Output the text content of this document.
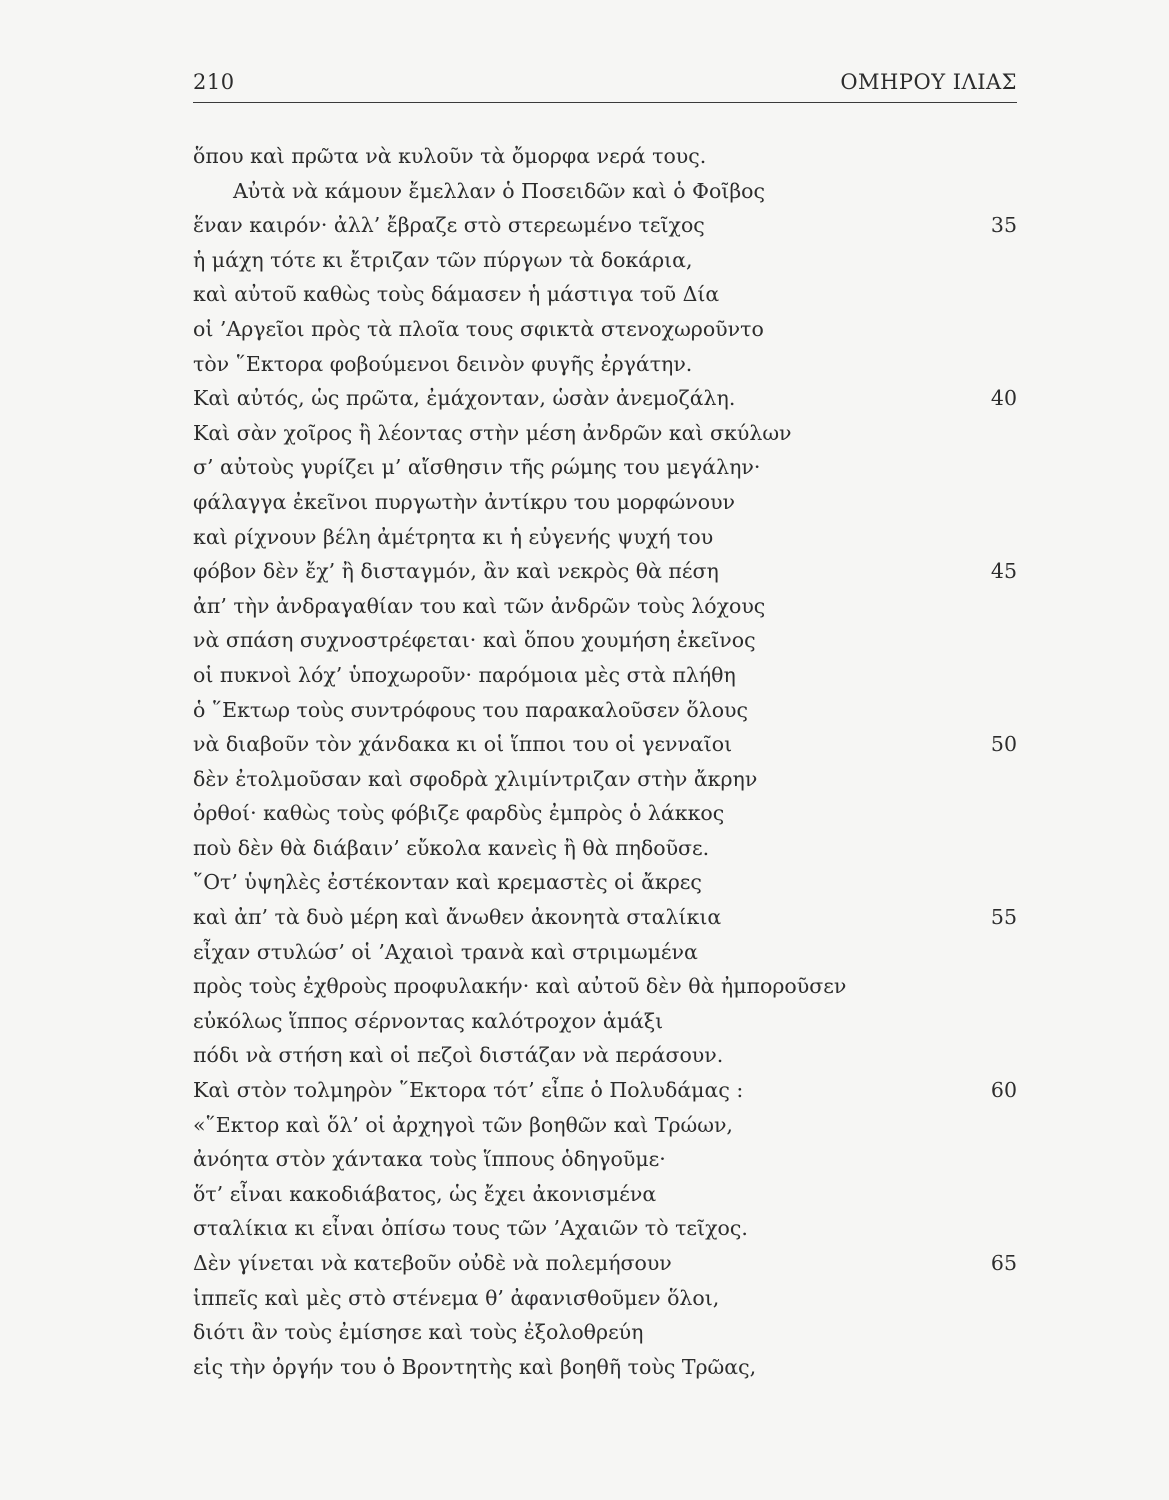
210	ΟΜΗΡΟΥ ΙΛΙΑΣ
ὅπου καὶ πρῶτα νὰ κυλοῦν τὰ ὄμορφα νερά τους.
Αὐτὰ νὰ κάμουν ἔμελλαν ὁ Ποσειδῶν καὶ ὁ Φοῖβος
ἕναν καιρόν· ἀλλ’ ἔβραζε στὸ στερεωμένο τεῖχος	35
ἡ μάχη τότε κι ἔτριζαν τῶν πύργων τὰ δοκάρια,
καὶ αὐτοῦ καθὼς τοὺς δάμασεν ἡ μάστιγα τοῦ Δία
οἱ ’Αργεῖοι πρὸς τὰ πλοῖα τους σφικτὰ στενοχωροῦντο
τὸν ῞Εκτορα φοβούμενοι δεινὸν φυγῆς ἐργάτην.
Καὶ αὐτός, ὡς πρῶτα, ἐμάχονταν, ὡσὰν ἀνεμοζάλη.	40
Καὶ σὰν χοῖρος ἢ λέοντας στὴν μέση ἀνδρῶν καὶ σκύλων
σ’ αὐτοὺς γυρίζει μ’ αἴσθησιν τῆς ρώμης του μεγάλην·
φάλαγγα ἐκεῖνοι πυργωτὴν ἀντίκρυ του μορφώνουν
καὶ ρίχνουν βέλη ἀμέτρητα κι ἡ εὐγενής ψυχή του
φόβον δὲν ἔχ’ ἢ δισταγμόν, ἂν καὶ νεκρὸς θὰ πέση	45
ἀπ’ τὴν ἀνδραγαθίαν του καὶ τῶν ἀνδρῶν τοὺς λόχους
νὰ σπάση συχνοστρέφεται· καὶ ὅπου χουμήση ἐκεῖνος
οἱ πυκνοὶ λόχ’ ὑποχωροῦν· παρόμοια μὲς στὰ πλήθη
ὁ ῞Εκτωρ τοὺς συντρόφους του παρακαλοῦσεν ὅλους
νὰ διαβοῦν τὸν χάνδακα κι οἱ ἵπποι του οἱ γενναῖοι	50
δὲν ἐτολμοῦσαν καὶ σφοδρὰ χλιμίντριζαν στὴν ἄκρην
ὀρθοί· καθὼς τοὺς φόβιζε φαρδὺς ἐμπρὸς ὁ λάκκος
ποὺ δὲν θὰ διάβαιν’ εὔκολα κανεὶς ἢ θὰ πηδοῦσε.
῞Οτ’ ὑψηλὲς ἐστέκονταν καὶ κρεμαστὲς οἱ ἄκρες
καὶ ἀπ’ τὰ δυὸ μέρη καὶ ἄνωθεν ἀκονητὰ σταλίκια	55
εἶχαν στυλώσ’ οἱ ’Αχαιοὶ τρανὰ καὶ στριμωμένα
πρὸς τοὺς ἐχθροὺς προφυλακήν· καὶ αὐτοῦ δὲν θὰ ἠμποροῦσεν
εὐκόλως ἵππος σέρνοντας καλότροχον ἁμάξι
πόδι νὰ στήση καὶ οἱ πεζοὶ διστάζαν νὰ περάσουν.
Καὶ στὸν τολμηρὸν ῞Εκτορα τότ’ εἶπε ὁ Πολυδάμας :	60
«῞Εκτορ καὶ ὅλ’ οἱ ἀρχηγοὶ τῶν βοηθῶν καὶ Τρώων,
ἀνόητα στὸν χάντακα τοὺς ἵππους ὁδηγοῦμε·
ὅτ’ εἶναι κακοδιάβατος, ὡς ἔχει ἀκονισμένα
σταλίκια κι εἶναι ὀπίσω τους τῶν ’Αχαιῶν τὸ τεῖχος.
Δὲν γίνεται νὰ κατεβοῦν οὐδὲ νὰ πολεμήσουν	65
ἱππεῖς καὶ μὲς στὸ στένεμα θ’ ἀφανισθοῦμεν ὅλοι,
διότι ἂν τοὺς ἐμίσησε καὶ τοὺς ἐξολοθρεύη
εἰς τὴν ὀργήν του ὁ Βροντητὴς καὶ βοηθῆ τοὺς Τρῶας,
